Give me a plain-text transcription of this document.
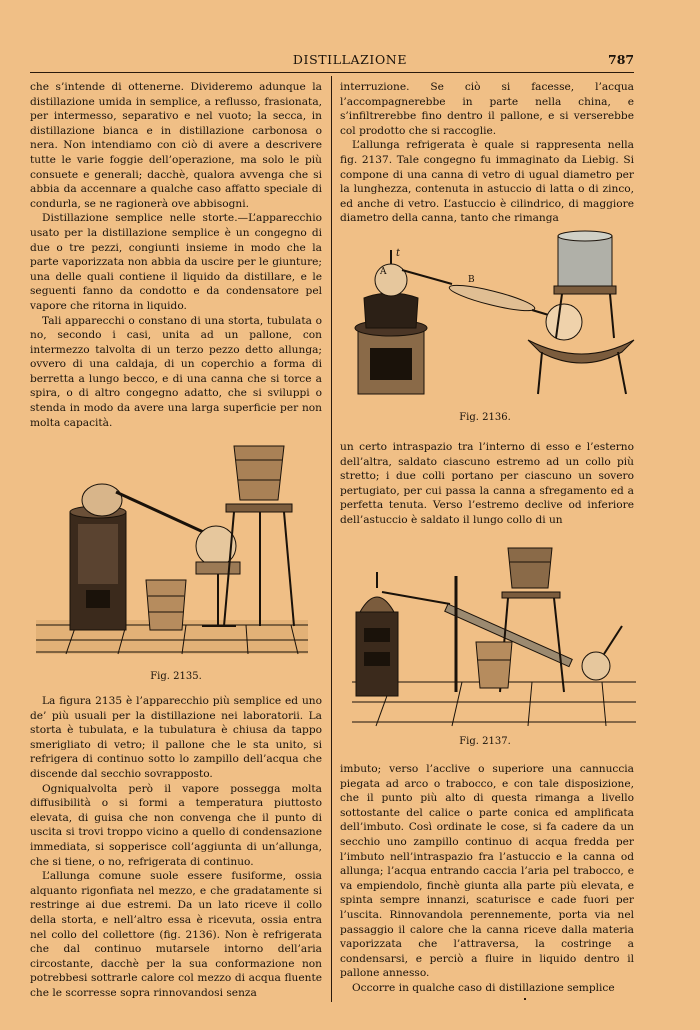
DISTILLAZIONE	787

che s’intende di ottenerne. Divideremo adunque la distillazione umida in semplice, a reflusso, frasionata, per intermesso, separativo e nel vuoto; la secca, in distillazione bianca e in distillazione carbonosa o nera. Non intendiamo con ciò di avere a descrivere tutte le varie foggie dell’operazione, ma solo le più consuete e generali; dacchè, qualora avvenga che si abbia da accennare a qualche caso affatto speciale di condurla, se ne ragionerà ove abbisogni.

Distillazione semplice nelle storte.—L’apparecchio usato per la distillazione semplice è un congegno di due o tre pezzi, congiunti insieme in modo che la parte vaporizzata non abbia da uscire per le giunture; una delle quali contiene il liquido da distillare, e le seguenti fanno da condotto e da condensatore pel vapore che ritorna in liquido.

Tali apparecchi o constano di una storta, tubulata o no, secondo i casi, unita ad un pallone, con intermezzo talvolta di un terzo pezzo detto allunga; ovvero di una caldaja, di un coperchio a forma di berretta a lungo becco, e di una canna che si torce a spira, o di altro congegno adatto, che si sviluppi o stenda in modo da avere una larga superficie per non molta capacità.

Fig. 2135.

La figura 2135 è l’apparecchio più semplice ed uno de’ più usuali per la distillazione nei laboratorii. La storta è tubulata, e la tubulatura è chiusa da tappo smerigliato di vetro; il pallone che le sta unito, si refrigera di continuo sotto lo zampillo dell’acqua che discende dal secchio sovrapposto.

Ogniqualvolta però il vapore possegga molta diffusibilità o si formi a temperatura piuttosto elevata, di guisa che non convenga che il punto di uscita si trovi troppo vicino a quello di condensazione immediata, si sopperisce coll’aggiunta di un’allunga, che si tiene, o no, refrigerata di continuo.

L’allunga comune suole essere fusiforme, ossia alquanto rigonfiata nel mezzo, e che gradatamente si restringe ai due estremi. Da un lato riceve il collo della storta, e nell’altro essa è ricevuta, ossia entra nel collo del collettore (fig. 2136). Non è refrigerata che dal continuo mutarsele intorno dell’aria circostante, dacchè per la sua conformazione non potrebbesi sottrarle calore col mezzo di acqua fluente che le scorresse sopra rinnovandosi senza

interruzione. Se ciò si facesse, l’acqua l’accompagnerebbe in parte nella china, e s’infiltrerebbe fino dentro il pallone, e si verserebbe col prodotto che si raccoglie.

L’allunga refrigerata è quale si rappresenta nella fig. 2137. Tale congegno fu immaginato da Liebig. Si compone di una canna di vetro di ugual diametro per la lunghezza, contenuta in astuccio di latta o di zinco, ed anche di vetro. L’astuccio è cilindrico, di maggiore diametro della canna, tanto che rimanga

t
A
B
Fig. 2136.

un certo intraspazio tra l’interno di esso e l’esterno dell’altra, saldato ciascuno estremo ad un collo più stretto; i due colli portano per ciascuno un sovero pertugiato, per cui passa la canna a sfregamento ed a perfetta tenuta. Verso l’estremo declive od inferiore dell’astuccio è saldato il lungo collo di un

Fig. 2137.

imbuto; verso l’acclive o superiore una cannuccia piegata ad arco o trabocco, e con tale disposizione, che il punto più alto di questa rimanga a livello sottostante del calice o parte conica ed amplificata dell’imbuto. Così ordinate le cose, si fa cadere da un secchio uno zampillo continuo di acqua fredda per l’imbuto nell’intraspazio fra l’astuccio e la canna od allunga; l’acqua entrando caccia l’aria pel trabocco, e va empiendolo, finchè giunta alla parte più elevata, e spinta sempre innanzi, scaturisce e cade fuori per l’uscita. Rinnovandola perennemente, porta via nel passaggio il calore che la canna riceve dalla materia vaporizzata che l’attraversa, la costringe a condensarsi, e perciò a fluire in liquido dentro il pallone annesso.

Occorre in qualche caso di distillazione semplice
